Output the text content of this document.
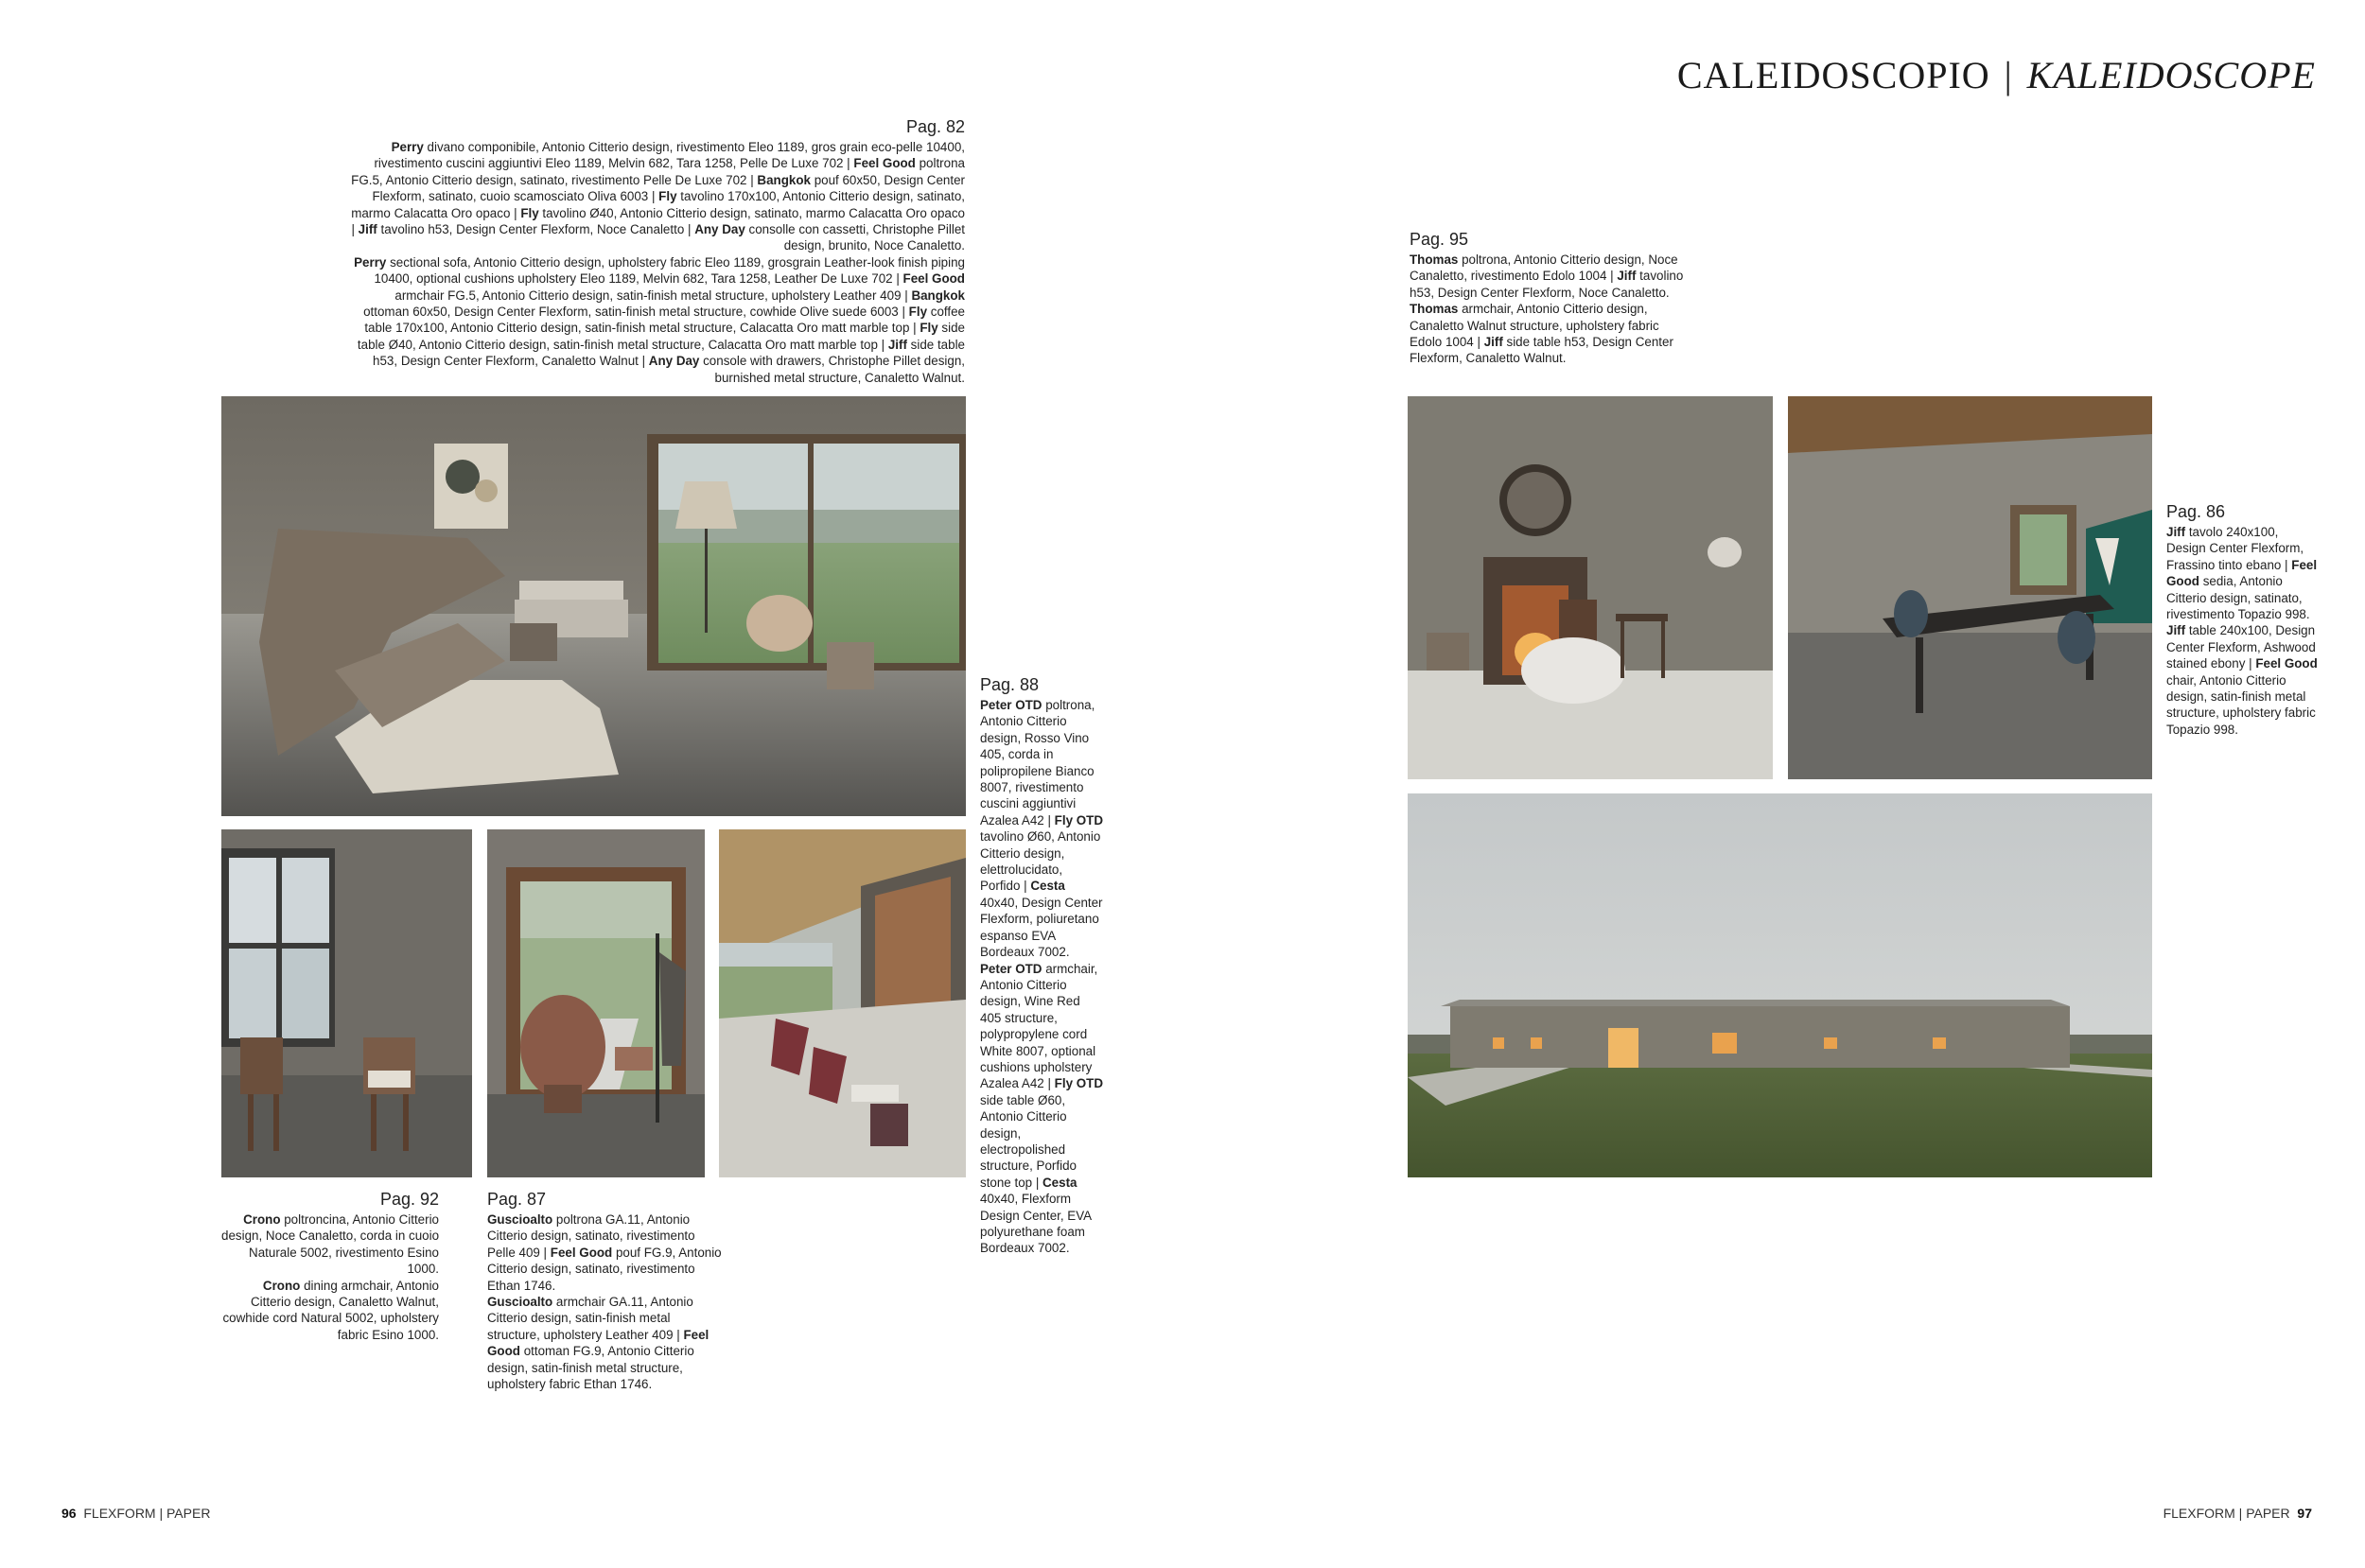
CALEIDOSCOPIO | KALEIDOSCOPE
Pag. 82
Perry divano componibile, Antonio Citterio design, rivestimento Eleo 1189, gros grain eco-pelle 10400, rivestimento cuscini aggiuntivi Eleo 1189, Melvin 682, Tara 1258, Pelle De Luxe 702 | Feel Good poltrona FG.5, Antonio Citterio design, satinato, rivestimento Pelle De Luxe 702 | Bangkok pouf 60x50, Design Center Flexform, satinato, cuoio scamosciato Oliva 6003 | Fly tavolino 170x100, Antonio Citterio design, satinato, marmo Calacatta Oro opaco | Fly tavolino Ø40, Antonio Citterio design, satinato, marmo Calacatta Oro opaco | Jiff tavolino h53, Design Center Flexform, Noce Canaletto | Any Day consolle con cassetti, Christophe Pillet design, brunito, Noce Canaletto.
Perry sectional sofa, Antonio Citterio design, upholstery fabric Eleo 1189, grosgrain Leather-look finish piping 10400, optional cushions upholstery Eleo 1189, Melvin 682, Tara 1258, Leather De Luxe 702 | Feel Good armchair FG.5, Antonio Citterio design, satin-finish metal structure, upholstery Leather 409 | Bangkok ottoman 60x50, Design Center Flexform, satin-finish metal structure, cowhide Olive suede 6003 | Fly coffee table 170x100, Antonio Citterio design, satin-finish metal structure, Calacatta Oro matt marble top | Fly side table Ø40, Antonio Citterio design, satin-finish metal structure, Calacatta Oro matt marble top | Jiff side table h53, Design Center Flexform, Canaletto Walnut | Any Day console with drawers, Christophe Pillet design, burnished metal structure, Canaletto Walnut.
Pag. 95
Thomas poltrona, Antonio Citterio design, Noce Canaletto, rivestimento Edolo 1004 | Jiff tavolino h53, Design Center Flexform, Noce Canaletto.
Thomas armchair, Antonio Citterio design, Canaletto Walnut structure, upholstery fabric Edolo 1004 | Jiff side table h53, Design Center Flexform, Canaletto Walnut.
Pag. 88
Peter OTD poltrona, Antonio Citterio design, Rosso Vino 405, corda in polipropilene Bianco 8007, rivestimento cuscini aggiuntivi Azalea A42 | Fly OTD tavolino Ø60, Antonio Citterio design, elettrolucidato, Porfido | Cesta 40x40, Design Center Flexform, poliuretano espanso EVA Bordeaux 7002.
Peter OTD armchair, Antonio Citterio design, Wine Red 405 structure, polypropylene cord White 8007, optional cushions upholstery Azalea A42 | Fly OTD side table Ø60, Antonio Citterio design, electropolished structure, Porfido stone top | Cesta 40x40, Flexform Design Center, EVA polyurethane foam Bordeaux 7002.
Pag. 92
Crono poltroncina, Antonio Citterio design, Noce Canaletto, corda in cuoio Naturale 5002, rivestimento Esino 1000.
Crono dining armchair, Antonio Citterio design, Canaletto Walnut, cowhide cord Natural 5002, upholstery fabric Esino 1000.
Pag. 87
Guscioalto poltrona GA.11, Antonio Citterio design, satinato, rivestimento Pelle 409 | Feel Good pouf FG.9, Antonio Citterio design, satinato, rivestimento Ethan 1746.
Guscioalto armchair GA.11, Antonio Citterio design, satin-finish metal structure, upholstery Leather 409 | Feel Good ottoman FG.9, Antonio Citterio design, satin-finish metal structure, upholstery fabric Ethan 1746.
Pag. 86
Jiff tavolo 240x100, Design Center Flexform, Frassino tinto ebano | Feel Good sedia, Antonio Citterio design, satinato, rivestimento Topazio 998.
Jiff table 240x100, Design Center Flexform, Ashwood stained ebony | Feel Good chair, Antonio Citterio design, satin-finish metal structure, upholstery fabric Topazio 998.
96 FLEXFORM | PAPER	FLEXFORM | PAPER 97
